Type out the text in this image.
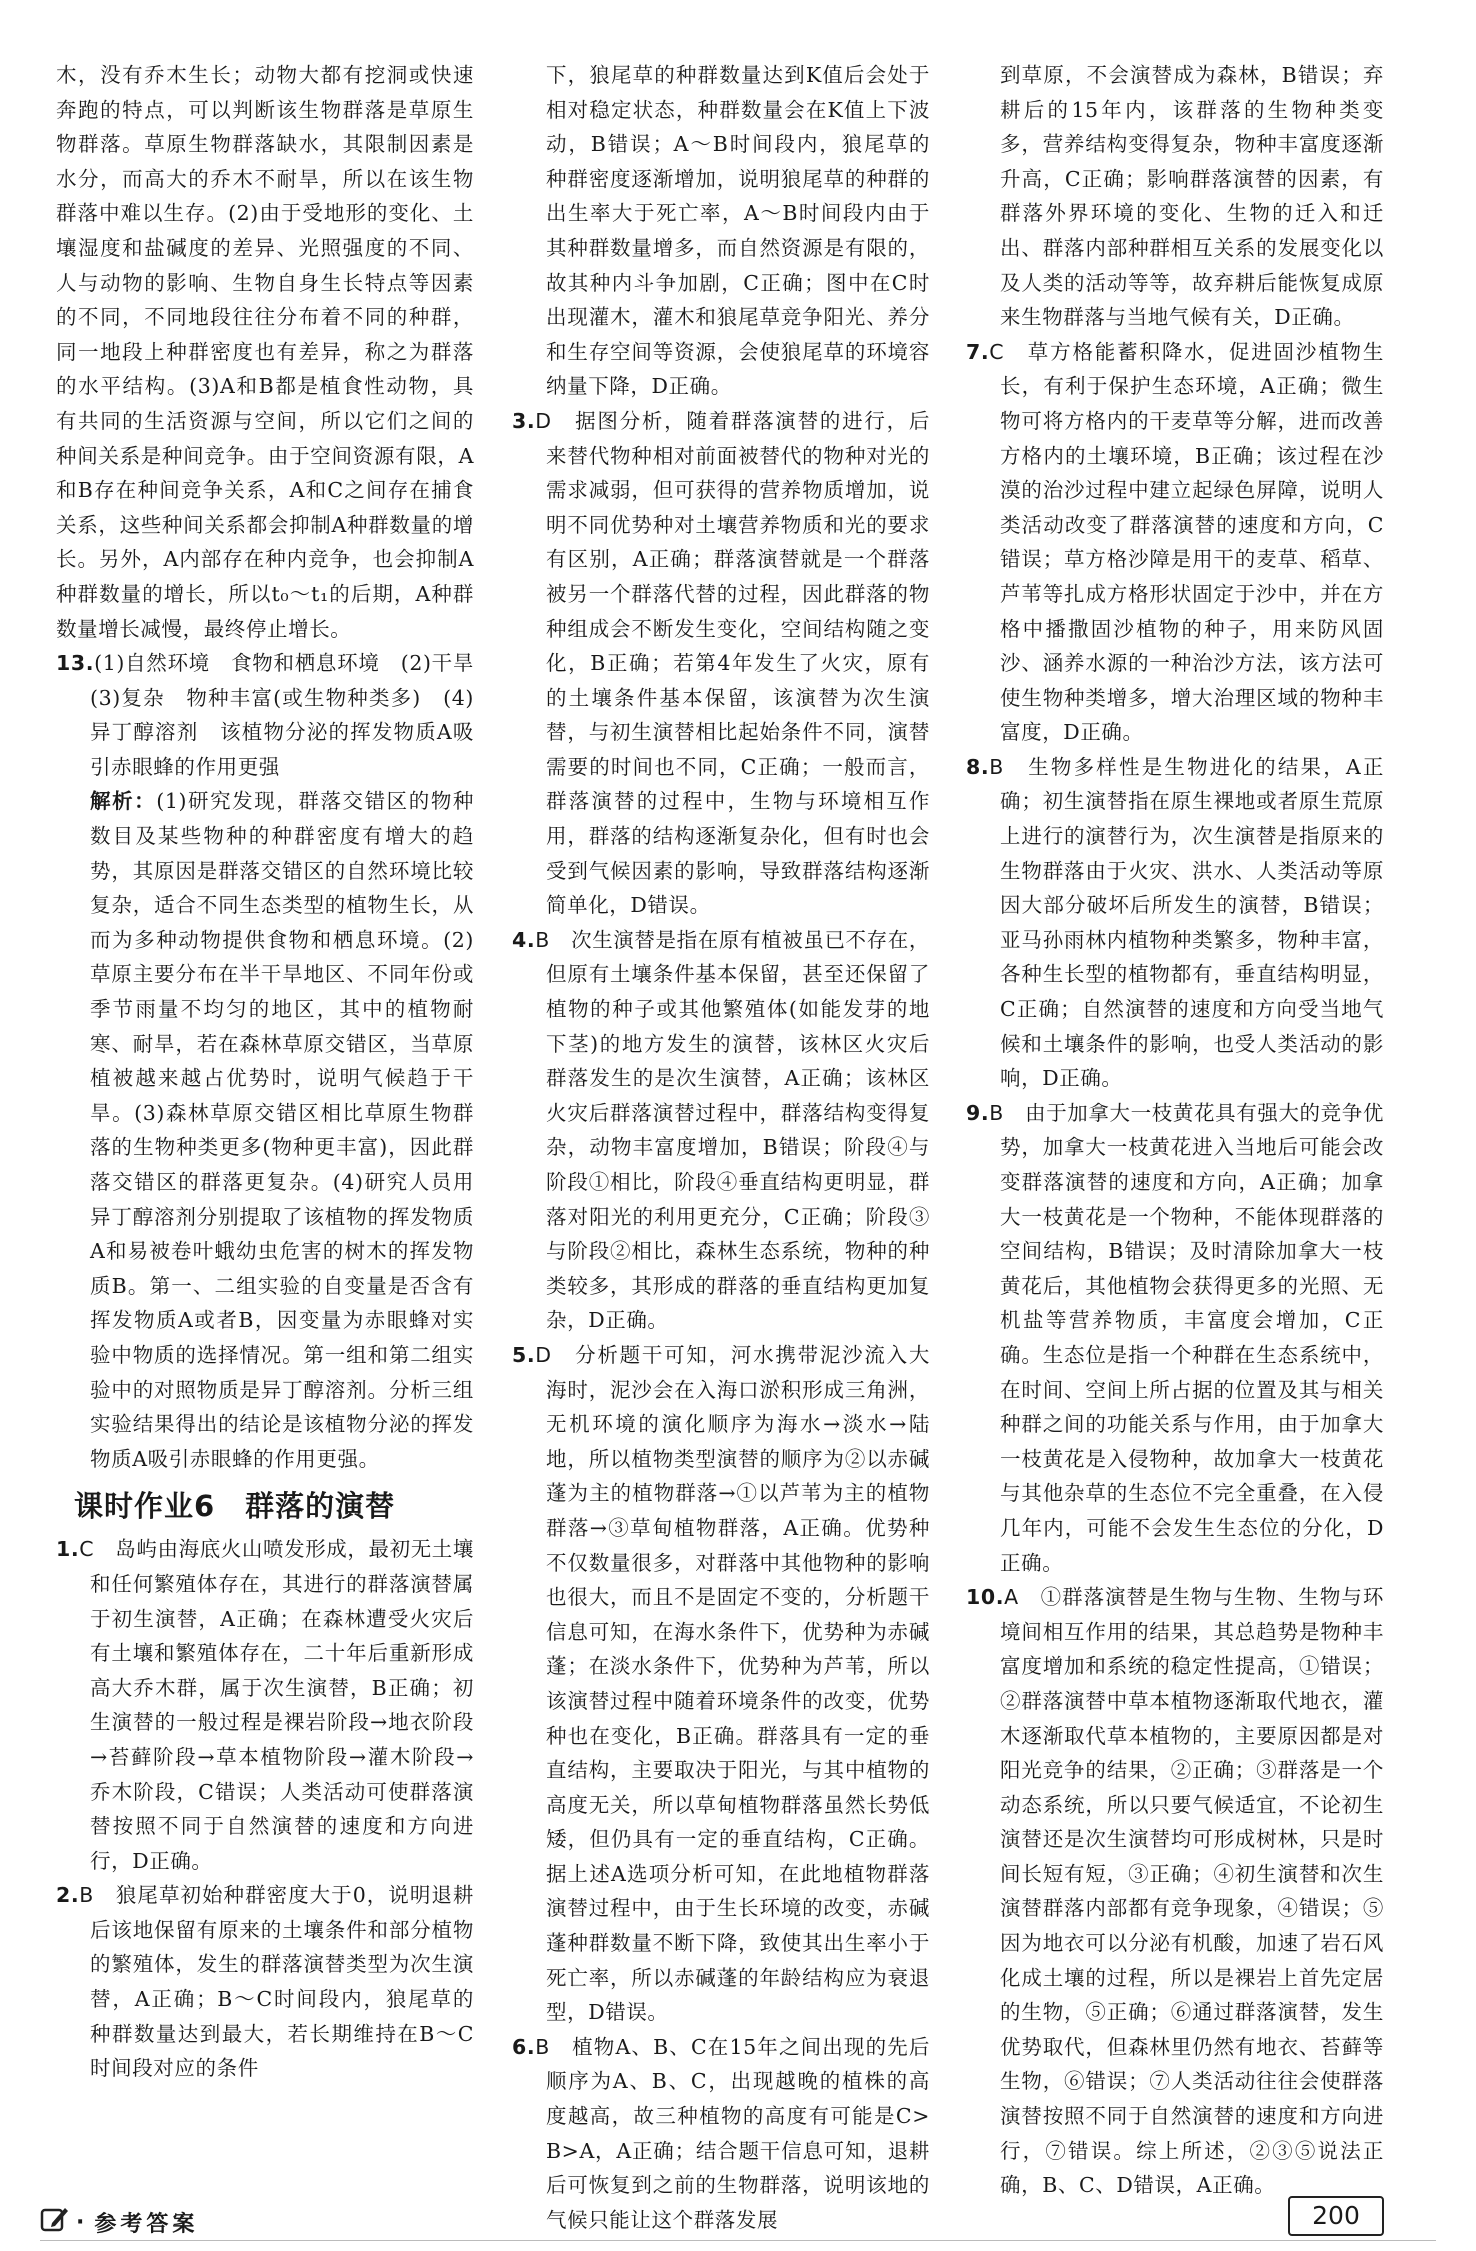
木，没有乔木生长；动物大都有挖洞或快速奔跑的特点，可以判断该生物群落是草原生物群落。草原生物群落缺水，其限制因素是水分，而高大的乔木不耐旱，所以在该生物群落中难以生存。(2)由于受地形的变化、土壤湿度和盐碱度的差异、光照强度的不同、人与动物的影响、生物自身生长特点等因素的不同，不同地段往往分布着不同的种群，同一地段上种群密度也有差异，称之为群落的水平结构。(3)A和B都是植食性动物，具有共同的生活资源与空间，所以它们之间的种间关系是种间竞争。由于空间资源有限，A和B存在种间竞争关系，A和C之间存在捕食关系，这些种间关系都会抑制A种群数量的增长。另外，A内部存在种内竞争，也会抑制A种群数量的增长，所以t₀～t₁的后期，A种群数量增长减慢，最终停止增长。

13.(1)自然环境　食物和栖息环境　(2)干旱　(3)复杂　物种丰富(或生物种类多)　(4)异丁醇溶剂　该植物分泌的挥发物质A吸引赤眼蜂的作用更强
解析：(1)研究发现，群落交错区的物种数目及某些物种的种群密度有增大的趋势，其原因是群落交错区的自然环境比较复杂，适合不同生态类型的植物生长，从而为多种动物提供食物和栖息环境。(2)草原主要分布在半干旱地区、不同年份或季节雨量不均匀的地区，其中的植物耐寒、耐旱，若在森林草原交错区，当草原植被越来越占优势时，说明气候趋于干旱。(3)森林草原交错区相比草原生物群落的生物种类更多(物种更丰富)，因此群落交错区的群落更复杂。(4)研究人员用异丁醇溶剂分别提取了该植物的挥发物质A和易被卷叶蛾幼虫危害的树木的挥发物质B。第一、二组实验的自变量是否含有挥发物质A或者B，因变量为赤眼蜂对实验中物质的选择情况。第一组和第二组实验中的对照物质是异丁醇溶剂。分析三组实验结果得出的结论是该植物分泌的挥发物质A吸引赤眼蜂的作用更强。
课时作业6　群落的演替
1.C　 岛屿由海底火山喷发形成，最初无土壤和任何繁殖体存在，其进行的群落演替属于初生演替，A正确；在森林遭受火灾后有土壤和繁殖体存在，二十年后重新形成高大乔木群，属于次生演替，B正确；初生演替的一般过程是裸岩阶段→地衣阶段→苔藓阶段→草本植物阶段→灌木阶段→乔木阶段，C错误；人类活动可使群落演替按照不同于自然演替的速度和方向进行，D正确。
2.B　 狼尾草初始种群密度大于0，说明退耕后该地保留有原来的土壤条件和部分植物的繁殖体，发生的群落演替类型为次生演替，A正确；B～C时间段内，狼尾草的种群数量达到最大，若长期维持在B～C时间段对应的条件

下，狼尾草的种群数量达到K值后会处于相对稳定状态，种群数量会在K值上下波动，B错误；A～B时间段内，狼尾草的种群密度逐渐增加，说明狼尾草的种群的出生率大于死亡率，A～B时间段内由于其种群数量增多，而自然资源是有限的，故其种内斗争加剧，C正确；图中在C时出现灌木，灌木和狼尾草竞争阳光、养分和生存空间等资源，会使狼尾草的环境容纳量下降，D正确。

3.D　 据图分析，随着群落演替的进行，后来替代物种相对前面被替代的物种对光的需求减弱，但可获得的营养物质增加，说明不同优势种对土壤营养物质和光的要求有区别，A正确；群落演替就是一个群落被另一个群落代替的过程，因此群落的物种组成会不断发生变化，空间结构随之变化，B正确；若第4年发生了火灾，原有的土壤条件基本保留，该演替为次生演替，与初生演替相比起始条件不同，演替需要的时间也不同，C正确；一般而言，群落演替的过程中，生物与环境相互作用，群落的结构逐渐复杂化，但有时也会受到气候因素的影响，导致群落结构逐渐简单化，D错误。
4.B　 次生演替是指在原有植被虽已不存在，但原有土壤条件基本保留，甚至还保留了植物的种子或其他繁殖体(如能发芽的地下茎)的地方发生的演替，该林区火灾后群落发生的是次生演替，A正确；该林区火灾后群落演替过程中，群落结构变得复杂，动物丰富度增加，B错误；阶段④与阶段①相比，阶段④垂直结构更明显，群落对阳光的利用更充分，C正确；阶段③与阶段②相比，森林生态系统，物种的种类较多，其形成的群落的垂直结构更加复杂，D正确。
5.D　 分析题干可知，河水携带泥沙流入大海时，泥沙会在入海口淤积形成三角洲，无机环境的演化顺序为海水→淡水→陆地，所以植物类型演替的顺序为②以赤碱蓬为主的植物群落→①以芦苇为主的植物群落→③草甸植物群落，A正确。优势种不仅数量很多，对群落中其他物种的影响也很大，而且不是固定不变的，分析题干信息可知，在海水条件下，优势种为赤碱蓬；在淡水条件下，优势种为芦苇，所以该演替过程中随着环境条件的改变，优势种也在变化，B正确。群落具有一定的垂直结构，主要取决于阳光，与其中植物的高度无关，所以草甸植物群落虽然长势低矮，但仍具有一定的垂直结构，C正确。据上述A选项分析可知，在此地植物群落演替过程中，由于生长环境的改变，赤碱蓬种群数量不断下降，致使其出生率小于死亡率，所以赤碱蓬的年龄结构应为衰退型，D错误。
6.B　 植物A、B、C在15年之间出现的先后顺序为A、B、C，出现越晚的植株的高度越高，故三种植物的高度有可能是C>B>A，A正确；结合题干信息可知，退耕后可恢复到之前的生物群落，说明该地的气候只能让这个群落发展

到草原，不会演替成为森林，B错误；弃耕后的15年内，该群落的生物种类变多，营养结构变得复杂，物种丰富度逐渐升高，C正确；影响群落演替的因素，有群落外界环境的变化、生物的迁入和迁出、群落内部种群相互关系的发展变化以及人类的活动等等，故弃耕后能恢复成原来生物群落与当地气候有关，D正确。

7.C　 草方格能蓄积降水，促进固沙植物生长，有利于保护生态环境，A正确；微生物可将方格内的干麦草等分解，进而改善方格内的土壤环境，B正确；该过程在沙漠的治沙过程中建立起绿色屏障，说明人类活动改变了群落演替的速度和方向，C错误；草方格沙障是用干的麦草、稻草、芦苇等扎成方格形状固定于沙中，并在方格中播撒固沙植物的种子，用来防风固沙、涵养水源的一种治沙方法，该方法可使生物种类增多，增大治理区域的物种丰富度，D正确。
8.B　 生物多样性是生物进化的结果，A正确；初生演替指在原生裸地或者原生荒原上进行的演替行为，次生演替是指原来的生物群落由于火灾、洪水、人类活动等原因大部分破坏后所发生的演替，B错误；亚马孙雨林内植物种类繁多，物种丰富，各种生长型的植物都有，垂直结构明显，C正确；自然演替的速度和方向受当地气候和土壤条件的影响，也受人类活动的影响，D正确。
9.B　 由于加拿大一枝黄花具有强大的竞争优势，加拿大一枝黄花进入当地后可能会改变群落演替的速度和方向，A正确；加拿大一枝黄花是一个物种，不能体现群落的空间结构，B错误；及时清除加拿大一枝黄花后，其他植物会获得更多的光照、无机盐等营养物质，丰富度会增加，C正确。生态位是指一个种群在生态系统中，在时间、空间上所占据的位置及其与相关种群之间的功能关系与作用，由于加拿大一枝黄花是入侵物种，故加拿大一枝黄花与其他杂草的生态位不完全重叠，在入侵几年内，可能不会发生生态位的分化，D正确。
10.A　 ①群落演替是生物与生物、生物与环境间相互作用的结果，其总趋势是物种丰富度增加和系统的稳定性提高，①错误；②群落演替中草本植物逐渐取代地衣，灌木逐渐取代草本植物的，主要原因都是对阳光竞争的结果，②正确；③群落是一个动态系统，所以只要气候适宜，不论初生演替还是次生演替均可形成树林，只是时间长短有短，③正确；④初生演替和次生演替群落内部都有竞争现象，④错误；⑤因为地衣可以分泌有机酸，加速了岩石风化成土壤的过程，所以是裸岩上首先定居的生物，⑤正确；⑥通过群落演替，发生优势取代，但森林里仍然有地衣、苔藓等生物，⑥错误；⑦人类活动往往会使群落演替按照不同于自然演替的速度和方向进行，⑦错误。综上所述，②③⑤说法正确，B、C、D错误，A正确。
· 参考答案	200
